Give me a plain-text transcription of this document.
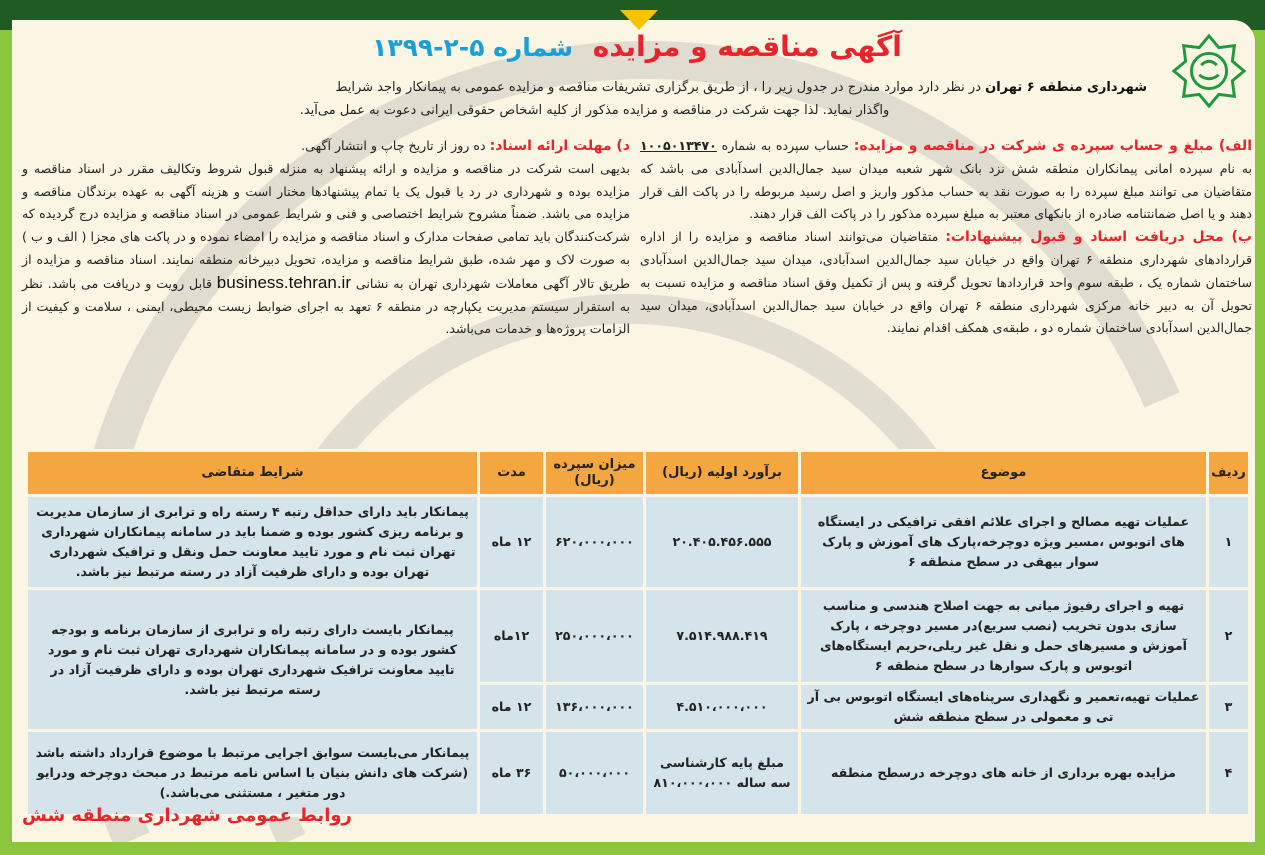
آگهی مناقصه و مزایده شماره ۵-۲-۱۳۹۹
شهرداری منطقه ۶ تهران در نظر دارد موارد مندرج در جدول زیر را ، از طریق برگزاری تشریفات مناقصه و مزایده عمومی به پیمانکار واجد شرایط
واگذار نماید. لذا جهت شرکت در مناقصه و مزایده مذکور از کلیه اشخاص حقوقی ایرانی دعوت به عمل می‌آید.

الف) مبلغ و حساب سپرده ی شرکت در مناقصه و مزایده: حساب سپرده به شماره ۱۰۰۵۰۱۳۴۷۰ به نام سپرده امانی پیمانکاران منطقه شش نزد بانک شهر شعبه میدان سید جمال‌الدین اسدآبادی می باشد که متقاضیان می توانند مبلغ سپرده را به صورت نقد به حساب مذکور واریز و اصل رسید مربوطه را در پاکت الف قرار دهند و یا اصل ضمانتنامه صادره از بانکهای معتبر به مبلغ سپرده مذکور را در پاکت الف قرار دهند.

ب) محل دریافت اسناد و قبول پیشنهادات: متقاضیان می‌توانند اسناد مناقصه و مزایده را از اداره قراردادهای شهرداری منطقه ۶ تهران واقع در خیابان سید جمال‌الدین اسدآبادی، میدان سید جمال‌الدین اسدآبادی ساختمان شماره یک ، طبقه سوم واحد قراردادها تحویل گرفته و پس از تکمیل وفق اسناد مناقصه و مزایده نسبت به تحویل آن به دبیر خانه مرکزی شهرداری منطقه ۶ تهران واقع در خیابان سید جمال‌الدین اسدآبادی، میدان سید جمال‌الدین اسدآبادی ساختمان شماره دو ، طبقه‌ی همکف اقدام نمایند.

د) مهلت ارائه اسناد: ده روز از تاریخ چاپ و انتشار آگهی.

بدیهی است شرکت در مناقصه و مزایده و ارائه پیشنهاد به منزله قبول شروط وتکالیف مقرر در اسناد مناقصه و مزایده بوده و شهرداری در رد یا قبول یک یا تمام پیشنهادها مختار است و هزینه آگهی به عهده برندگان مناقصه و مزایده می باشد. ضمناً مشروح شرایط اختصاصی و فنی و شرایط عمومی در اسناد مناقصه و مزایده درج گردیده که شرکت‌کنندگان باید تمامی صفحات مدارک و اسناد مناقصه و مزایده را امضاء نموده و در پاکت های مجزا ( الف و ب ) به صورت لاک و مهر شده، طبق شرایط مناقصه و مزایده، تحویل دبیرخانه منطقه نمایند. اسناد مناقصه و مزایده از طریق تالار آگهی معاملات شهرداری تهران به نشانی business.tehran.ir قابل رویت و دریافت می باشد. نظر به استقرار سیستم مدیریت یکپارچه در منطقه ۶ تعهد به اجرای ضوابط زیست محیطی، ایمنی ، سلامت و کیفیت از الزامات پروژه‌ها و خدمات می‌باشد.

ردیف	موضوع	برآورد اولیه (ریال)	میزان سپرده (ریال)	مدت	شرایط متقاضی
۱	عملیات تهیه مصالح و اجرای علائم افقی ترافیکی در ایستگاه های اتوبوس ،مسیر ویژه دوچرخه،پارک های آموزش و پارک سوار بیهقی در سطح منطقه ۶	۲۰.۴۰۵.۴۵۶.۵۵۵	۶۲۰،۰۰۰،۰۰۰	۱۲ ماه	پیمانکار باید دارای حداقل رتبه ۴ رسته راه و ترابری از سازمان مدیریت و برنامه ریزی کشور بوده و ضمنا باید در سامانه پیمانکاران شهرداری تهران ثبت نام و مورد تایید معاونت حمل ونقل و ترافیک شهرداری تهران بوده و دارای ظرفیت آزاد در رسته مرتبط نیز باشد.
۲	تهیه و اجرای رفیوژ میانی به جهت اصلاح هندسی و مناسب سازی بدون تخریب (نصب سریع)در مسیر دوچرخه ، پارک آموزش و مسیرهای حمل و نقل غیر ریلی،حریم ایستگاه‌های اتوبوس و پارک سوارها در سطح منطقه ۶	۷.۵۱۴.۹۸۸.۴۱۹	۲۵۰،۰۰۰،۰۰۰	۱۲ماه	پیمانکار بایست دارای رتبه راه و ترابری از سازمان برنامه و بودجه کشور بوده و در سامانه پیمانکاران شهرداری تهران ثبت نام و مورد تایید معاونت ترافیک شهرداری تهران بوده و دارای ظرفیت آزاد در رسته مرتبط نیز باشد.
۳	عملیات تهیه،تعمیر و نگهداری سرپناه‌های ایستگاه اتوبوس بی آر تی و معمولی در سطح منطقه شش	۴.۵۱۰،۰۰۰،۰۰۰	۱۳۶،۰۰۰،۰۰۰	۱۲ ماه	
۴	مزایده بهره برداری از خانه های دوچرخه درسطح منطقه	مبلغ پایه کارشناسی سه ساله ۸۱۰،۰۰۰،۰۰۰	۵۰،۰۰۰،۰۰۰	۳۶ ماه	پیمانکار می‌بایست سوابق اجرایی مرتبط با موضوع قرارداد داشته باشد (شرکت های دانش بنیان با اساس نامه مرتبط در مبحث دوچرخه ودرایو دور متغیر ، مستثنی می‌باشد.)
روابط عمومی شهرداری منطقه شش
